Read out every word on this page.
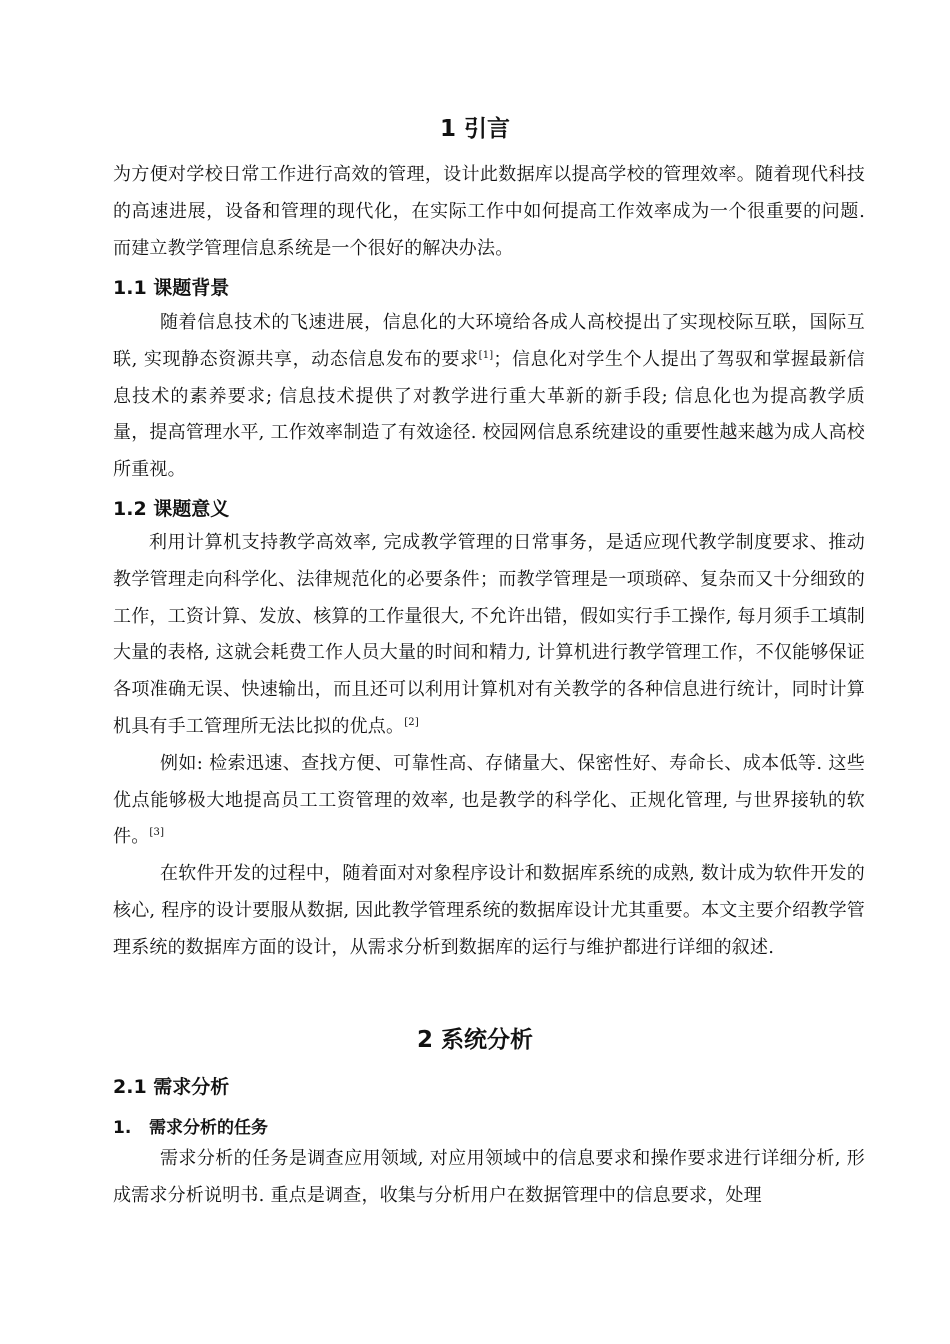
1 引言

为方便对学校日常工作进行高效的管理，设计此数据库以提高学校的管理效率。随着现代科技的高速进展，设备和管理的现代化，在实际工作中如何提高工作效率成为一个很重要的问题. 而建立教学管理信息系统是一个很好的解决办法。

1.1 课题背景

随着信息技术的飞速进展，信息化的大环境给各成人高校提出了实现校际互联，国际互联, 实现静态资源共享，动态信息发布的要求[1]；信息化对学生个人提出了驾驭和掌握最新信息技术的素养要求; 信息技术提供了对教学进行重大革新的新手段; 信息化也为提高教学质量，提高管理水平, 工作效率制造了有效途径. 校园网信息系统建设的重要性越来越为成人高校所重视。

1.2 课题意义

利用计算机支持教学高效率, 完成教学管理的日常事务，是适应现代教学制度要求、推动教学管理走向科学化、法律规范化的必要条件；而教学管理是一项琐碎、复杂而又十分细致的工作，工资计算、发放、核算的工作量很大, 不允许出错，假如实行手工操作, 每月须手工填制大量的表格, 这就会耗费工作人员大量的时间和精力, 计算机进行教学管理工作，不仅能够保证各项准确无误、快速输出，而且还可以利用计算机对有关教学的各种信息进行统计，同时计算机具有手工管理所无法比拟的优点。[2]

例如: 检索迅速、查找方便、可靠性高、存储量大、保密性好、寿命长、成本低等. 这些优点能够极大地提高员工工资管理的效率, 也是教学的科学化、正规化管理, 与世界接轨的软件。[3]

在软件开发的过程中，随着面对对象程序设计和数据库系统的成熟, 数计成为软件开发的核心, 程序的设计要服从数据, 因此教学管理系统的数据库设计尤其重要。本文主要介绍教学管理系统的数据库方面的设计，从需求分析到数据库的运行与维护都进行详细的叙述.

2 系统分析
2.1 需求分析
1. 需求分析的任务

需求分析的任务是调查应用领域, 对应用领域中的信息要求和操作要求进行详细分析, 形成需求分析说明书. 重点是调查，收集与分析用户在数据管理中的信息要求，处理
